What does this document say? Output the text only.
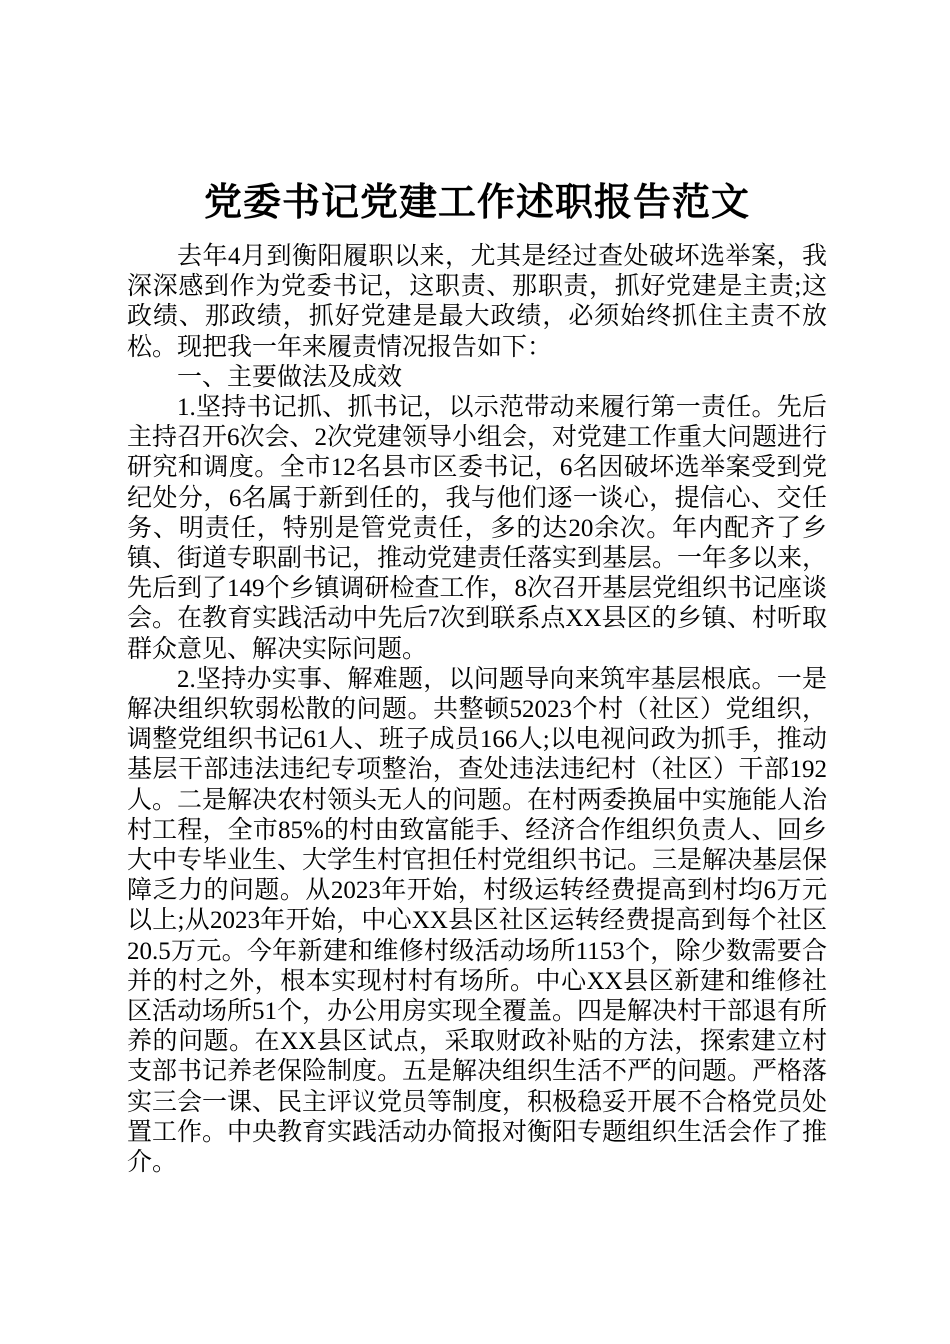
党委书记党建工作述职报告范文

去年4月到衡阳履职以来，尤其是经过查处破坏选举案，我深深感到作为党委书记，这职责、那职责，抓好党建是主责;这政绩、那政绩，抓好党建是最大政绩，必须始终抓住主责不放松。现把我一年来履责情况报告如下：

一、主要做法及成效

1.坚持书记抓、抓书记，以示范带动来履行第一责任。先后主持召开6次会、2次党建领导小组会，对党建工作重大问题进行研究和调度。全市12名县市区委书记，6名因破坏选举案受到党纪处分，6名属于新到任的，我与他们逐一谈心，提信心、交任务、明责任，特别是管党责任，多的达20余次。年内配齐了乡镇、街道专职副书记，推动党建责任落实到基层。一年多以来，先后到了149个乡镇调研检查工作，8次召开基层党组织书记座谈会。在教育实践活动中先后7次到联系点XX县区的乡镇、村听取群众意见、解决实际问题。

2.坚持办实事、解难题，以问题导向来筑牢基层根底。一是解决组织软弱松散的问题。共整顿52023个村（社区）党组织，调整党组织书记61人、班子成员166人;以电视问政为抓手，推动基层干部违法违纪专项整治，查处违法违纪村（社区）干部192人。二是解决农村领头无人的问题。在村两委换届中实施能人治村工程，全市85%的村由致富能手、经济合作组织负责人、回乡大中专毕业生、大学生村官担任村党组织书记。三是解决基层保障乏力的问题。从2023年开始，村级运转经费提高到村均6万元以上;从2023年开始，中心XX县区社区运转经费提高到每个社区20.5万元。今年新建和维修村级活动场所1153个，除少数需要合并的村之外，根本实现村村有场所。中心XX县区新建和维修社区活动场所51个，办公用房实现全覆盖。四是解决村干部退有所养的问题。在XX县区试点，采取财政补贴的方法，探索建立村支部书记养老保险制度。五是解决组织生活不严的问题。严格落实三会一课、民主评议党员等制度，积极稳妥开展不合格党员处置工作。中央教育实践活动办简报对衡阳专题组织生活会作了推介。
